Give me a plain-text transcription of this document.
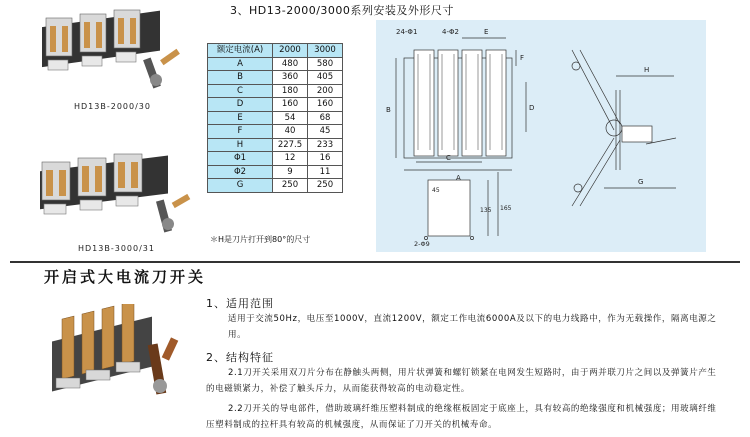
HD13B-2000/30
HD13B-3000/31
3、HD13-2000/3000系列安装及外形尺寸
额定电流(A)	2000	3000
A	480	580
B	360	405
C	180	200
D	160	160
E	54	68
F	40	45
H	227.5	233
Φ1	12	16
Φ2	9	11
G	250	250
＊H是刀片打开到80°的尺寸
24-Φ1	4-Φ2	E
F
B	D
C
A
H
G
45
135 165
2-Φ9
开启式大电流刀开关
1、适用范围
适用于交流50Hz，电压至1000V，直流1200V，额定工作电流6000A及以下的电力线路中，作为无载操作，隔离电源之用。
2、结构特征
2.1刀开关采用双刀片分布在静触头两侧，用片状弹簧和螺钉锁紧在电网发生短路时，由于两并联刀片之间以及弹簧片产生的电磁锁紧力，补偿了触头斥力，从而能获得较高的电动稳定性。
2.2刀开关的导电部件，借助玻璃纤维压塑料制成的绝缘框板固定于底座上，具有较高的绝缘强度和机械强度；用玻璃纤维压塑料制成的拉杆具有较高的机械强度，从而保证了刀开关的机械寿命。
